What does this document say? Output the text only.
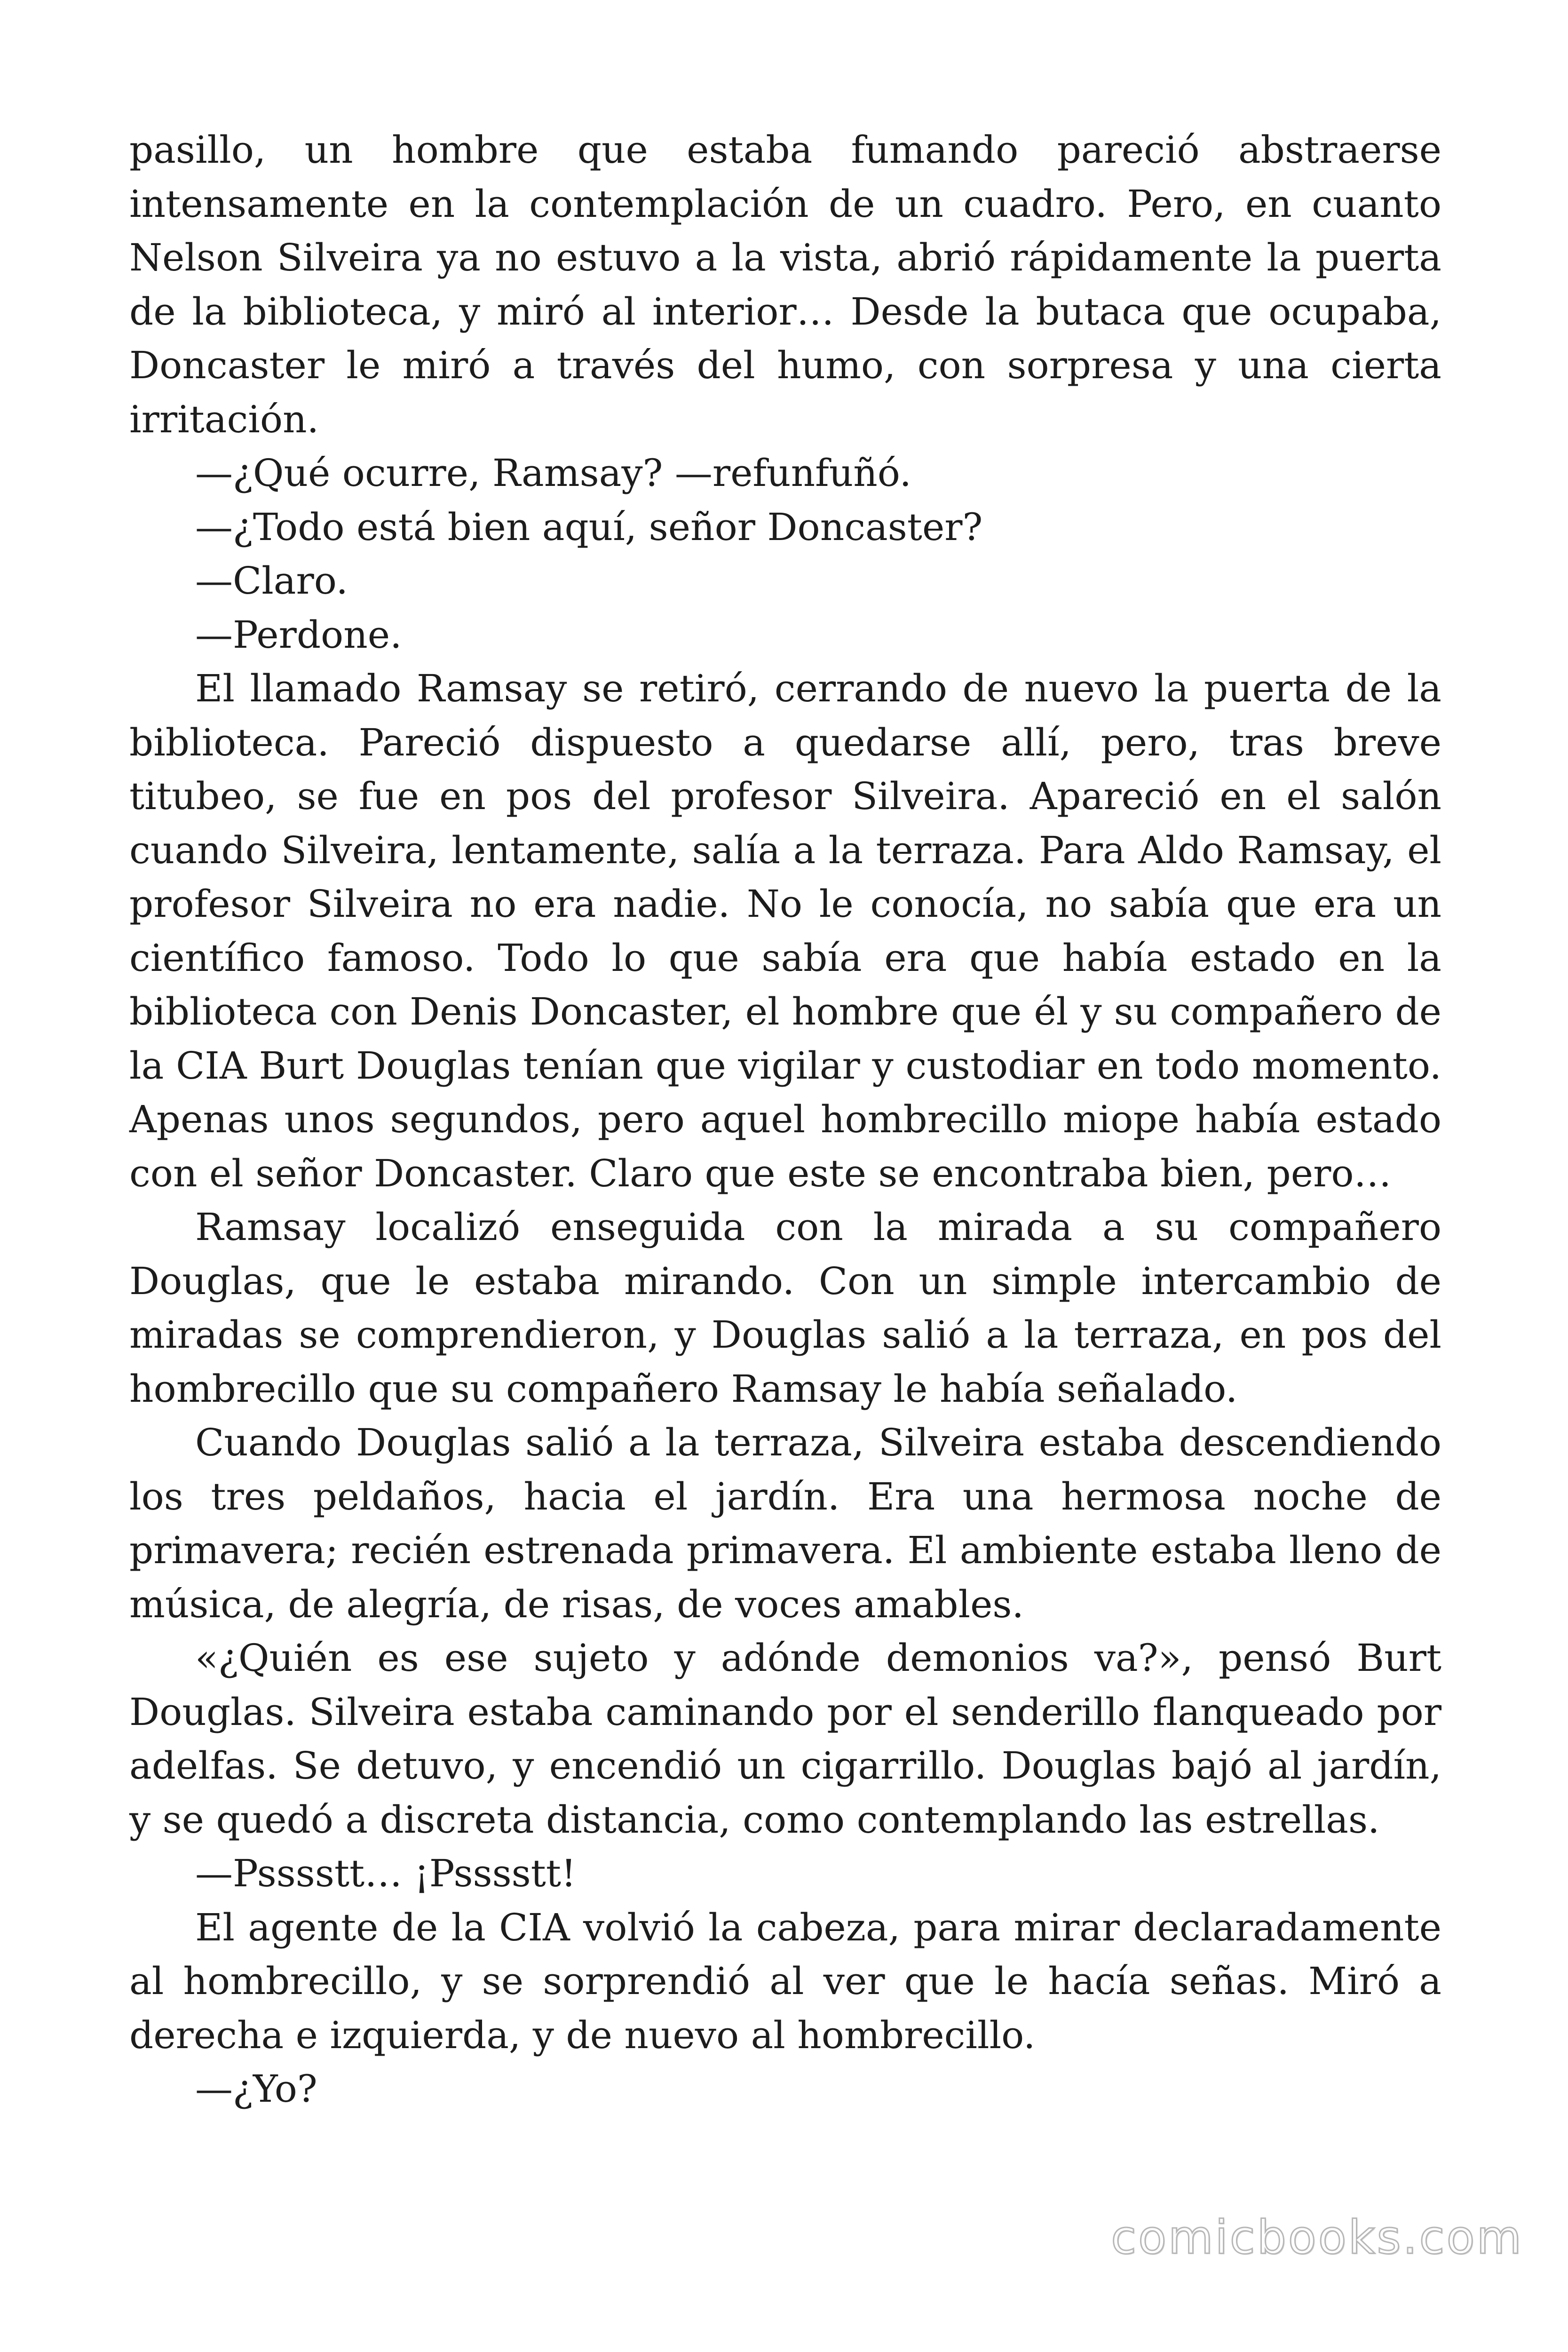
pasillo, un hombre que estaba fumando pareció abstraerse intensamente en la contemplación de un cuadro. Pero, en cuanto Nelson Silveira ya no estuvo a la vista, abrió rápidamente la puerta de la biblioteca, y miró al interior… Desde la butaca que ocupaba, Doncaster le miró a través del humo, con sorpresa y una cierta irritación.

—¿Qué ocurre, Ramsay? —refunfuñó.

—¿Todo está bien aquí, señor Doncaster?

—Claro.

—Perdone.

El llamado Ramsay se retiró, cerrando de nuevo la puerta de la biblioteca. Pareció dispuesto a quedarse allí, pero, tras breve titubeo, se fue en pos del profesor Silveira. Apareció en el salón cuando Silveira, lentamente, salía a la terraza. Para Aldo Ramsay, el profesor Silveira no era nadie. No le conocía, no sabía que era un científico famoso. Todo lo que sabía era que había estado en la biblioteca con Denis Doncaster, el hombre que él y su compañero de la CIA Burt Douglas tenían que vigilar y custodiar en todo momento. Apenas unos segundos, pero aquel hombrecillo miope había estado con el señor Doncaster. Claro que este se encontraba bien, pero…

Ramsay localizó enseguida con la mirada a su compañero Douglas, que le estaba mirando. Con un simple intercambio de miradas se comprendieron, y Douglas salió a la terraza, en pos del hombrecillo que su compañero Ramsay le había señalado.

Cuando Douglas salió a la terraza, Silveira estaba descendiendo los tres peldaños, hacia el jardín. Era una hermosa noche de primavera; recién estrenada primavera. El ambiente estaba lleno de música, de alegría, de risas, de voces amables.

«¿Quién es ese sujeto y adónde demonios va?», pensó Burt Douglas. Silveira estaba caminando por el senderillo flanqueado por adelfas. Se detuvo, y encendió un cigarrillo. Douglas bajó al jardín, y se quedó a discreta distancia, como contemplando las estrellas.

—Psssstt… ¡Psssstt!

El agente de la CIA volvió la cabeza, para mirar declaradamente al hombrecillo, y se sorprendió al ver que le hacía señas. Miró a derecha e izquierda, y de nuevo al hombrecillo.

—¿Yo?

comicbooks.com
